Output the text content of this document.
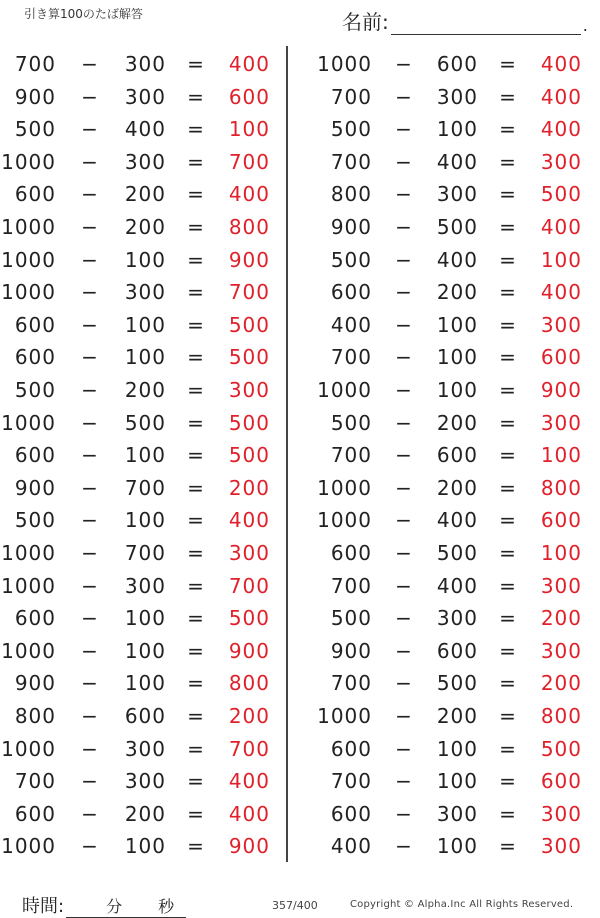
引き算100のたば解答	名前:	.
700 −	300 =	400
900 −	300 =	600
500 −	400 =	100
1000 −	300 =	700
600 −	200 =	400
1000 −	200 =	800
1000 −	100 =	900
1000 −	300 =	700
600 −	100 =	500
600 −	100 =	500
500 −	200 =	300
1000 −	500 =	500
600 −	100 =	500
900 −	700 =	200
500 −	100 =	400
1000 −	700 =	300
1000 −	300 =	700
600 −	100 =	500
1000 −	100 =	900
900 −	100 =	800
800 −	600 =	200
1000 −	300 =	700
700 −	300 =	400
600 −	200 =	400
1000 −	100 =	900
1000 −	600 =	400
700 −	300 =	400
500 −	100 =	400
700 −	400 =	300
800 −	300 =	500
900 −	500 =	400
500 −	400 =	100
600 −	200 =	400
400 −	100 =	300
700 −	100 =	600
1000 −	100 =	900
500 −	200 =	300
700 −	600 =	100
1000 −	200 =	800
1000 −	400 =	600
600 −	500 =	100
700 −	400 =	300
500 −	300 =	200
900 −	600 =	300
700 −	500 =	200
1000 −	200 =	800
600 −	100 =	500
700 −	100 =	600
600 −	300 =	300
400 −	100 =	300
時間:	分 秒	357/400	Copyright © Alpha.Inc All Rights Reserved.
